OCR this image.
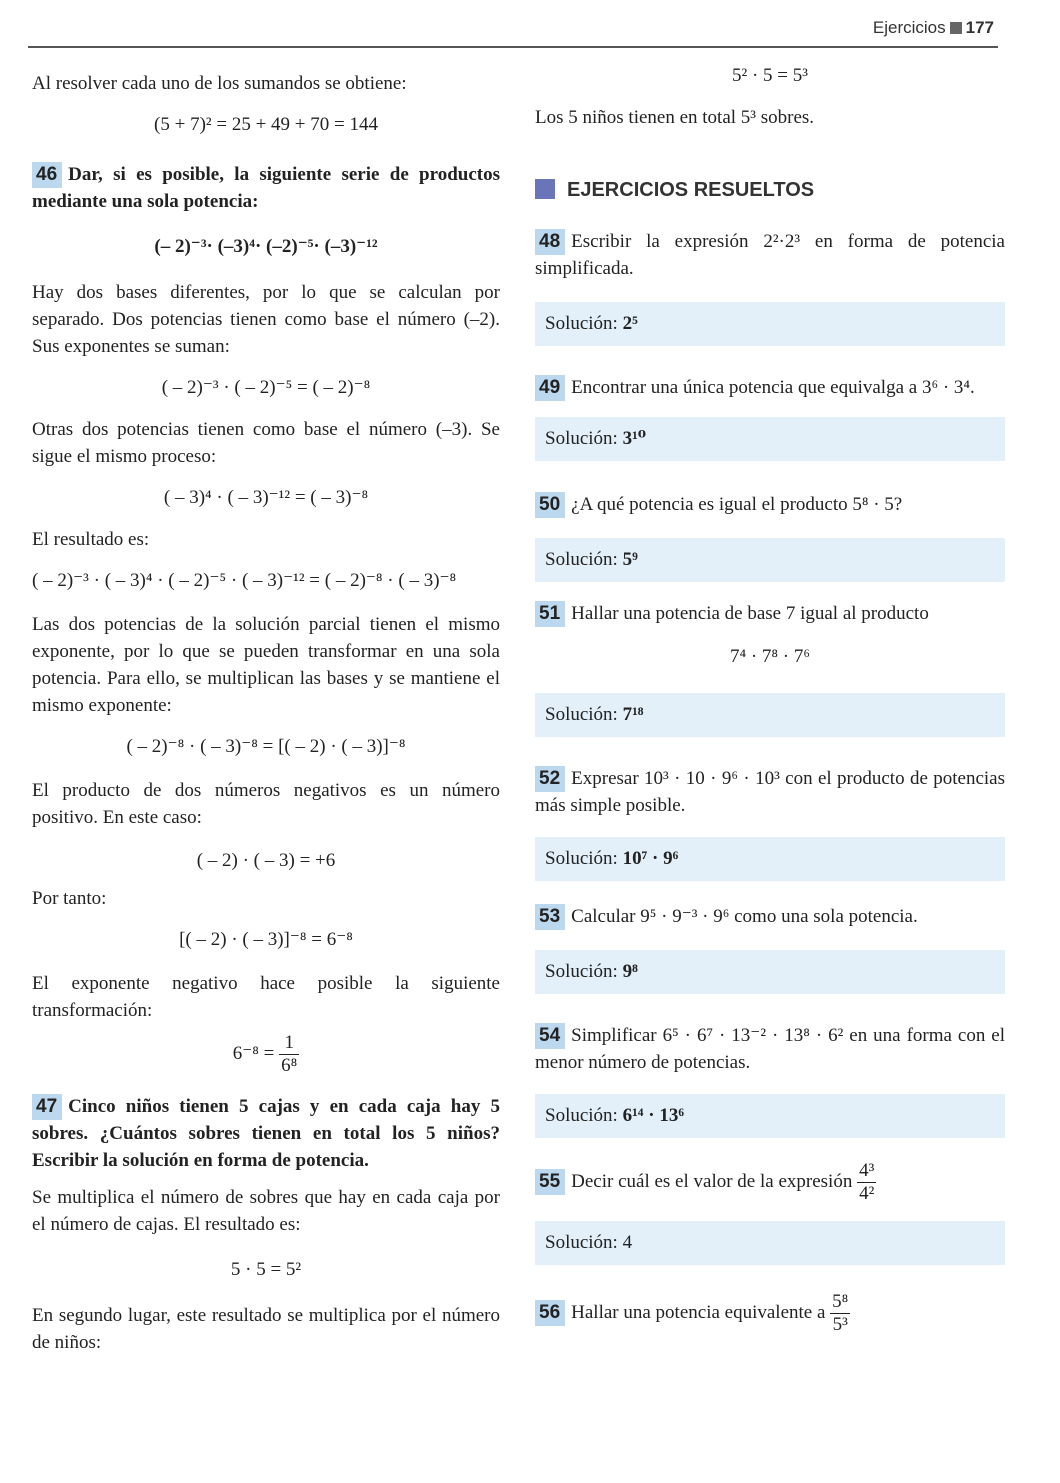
Ejercicios 177

Al resolver cada uno de los sumandos se obtiene:

(5 + 7)² = 25 + 49 + 70 = 144

46 Dar, si es posible, la siguiente serie de productos mediante una sola potencia:

(– 2)⁻³· (–3)⁴· (–2)⁻⁵· (–3)⁻¹²

Hay dos bases diferentes, por lo que se calculan por separado. Dos potencias tienen como base el número (–2). Sus exponentes se suman:

( – 2)⁻³ · ( – 2)⁻⁵ = ( – 2)⁻⁸

Otras dos potencias tienen como base el número (–3). Se sigue el mismo proceso:

( – 3)⁴ · ( – 3)⁻¹² = ( – 3)⁻⁸

El resultado es:

( – 2)⁻³ · ( – 3)⁴ · ( – 2)⁻⁵ · ( – 3)⁻¹² = ( – 2)⁻⁸ · ( – 3)⁻⁸

Las dos potencias de la solución parcial tienen el mismo exponente, por lo que se pueden transformar en una sola potencia. Para ello, se multiplican las bases y se mantiene el mismo exponente:

( – 2)⁻⁸ · ( – 3)⁻⁸ = [( – 2) · ( – 3)]⁻⁸

El producto de dos números negativos es un número positivo. En este caso:

( – 2) · ( – 3) = +6

Por tanto:

[( – 2) · ( – 3)]⁻⁸ = 6⁻⁸

El exponente negativo hace posible la siguiente transformación:

$6^{-8} = \frac{1}{\text{6⁸}}$

47 Cinco niños tienen 5 cajas y en cada caja hay 5 sobres. ¿Cuántos sobres tienen en total los 5 niños? Escribir la solución en forma de potencia.

Se multiplica el número de sobres que hay en cada caja por el número de cajas. El resultado es:

5 · 5 = 5²

En segundo lugar, este resultado se multiplica por el número de niños:

5² · 5 = 5³

Los 5 niños tienen en total 5³ sobres.

EJERCICIOS RESUELTOS

48 Escribir la expresión 2²·2³ en forma de potencia simplificada.

Solución: 2⁵

49 Encontrar una única potencia que equivalga a 3⁶ · 3⁴.

Solución: 3¹⁰

50 ¿A qué potencia es igual el producto 5⁸ · 5?

Solución: 5⁹

51 Hallar una potencia de base 7 igual al producto

7⁴ · 7⁸ · 7⁶

Solución: 7¹⁸

52 Expresar 10³ · 10 · 9⁶ · 10³ con el producto de potencias más simple posible.

Solución: 10⁷ · 9⁶

53 Calcular 9⁵ · 9⁻³ · 9⁶ como una sola potencia.

Solución: 9⁸

54 Simplificar 6⁵ · 6⁷ · 13⁻² · 13⁸ · 6² en una forma con el menor número de potencias.

Solución: 6¹⁴ · 13⁶

55 Decir cuál es el valor de la expresión $\frac{\text{4³}}{\text{4²}}$

Solución: 4

56 Hallar una potencia equivalente a $\frac{\text{5⁸}}{\text{5³}}$
